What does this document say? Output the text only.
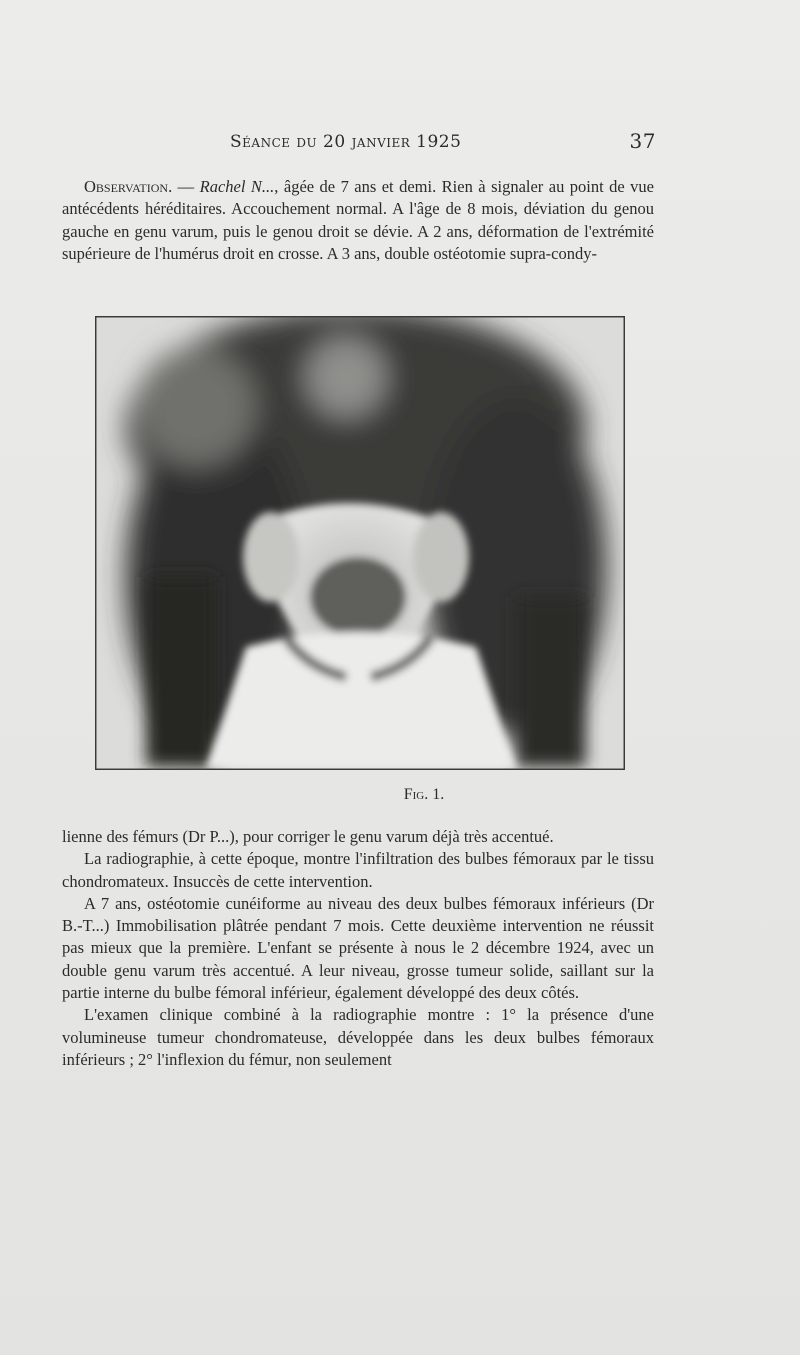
Séance du 20 janvier 1925	37

Observation. — Rachel N..., âgée de 7 ans et demi. Rien à signaler au point de vue antécédents héréditaires. Accouchement normal. A l'âge de 8 mois, déviation du genou gauche en genu varum, puis le genou droit se dévie. A 2 ans, déformation de l'extrémité supérieure de l'humérus droit en crosse. A 3 ans, double ostéotomie supra-condy-

Fig. 1.

lienne des fémurs (Dr P...), pour corriger le genu varum déjà très accentué.

La radiographie, à cette époque, montre l'infiltration des bulbes fémoraux par le tissu chondromateux. Insuccès de cette intervention.

A 7 ans, ostéotomie cunéiforme au niveau des deux bulbes fémoraux inférieurs (Dr B.-T...) Immobilisation plâtrée pendant 7 mois. Cette deuxième intervention ne réussit pas mieux que la première. L'enfant se présente à nous le 2 décembre 1924, avec un double genu varum très accentué. A leur niveau, grosse tumeur solide, saillant sur la partie interne du bulbe fémoral inférieur, également développé des deux côtés.

L'examen clinique combiné à la radiographie montre : 1° la présence d'une volumineuse tumeur chondromateuse, développée dans les deux bulbes fémoraux inférieurs ; 2° l'inflexion du fémur, non seulement
